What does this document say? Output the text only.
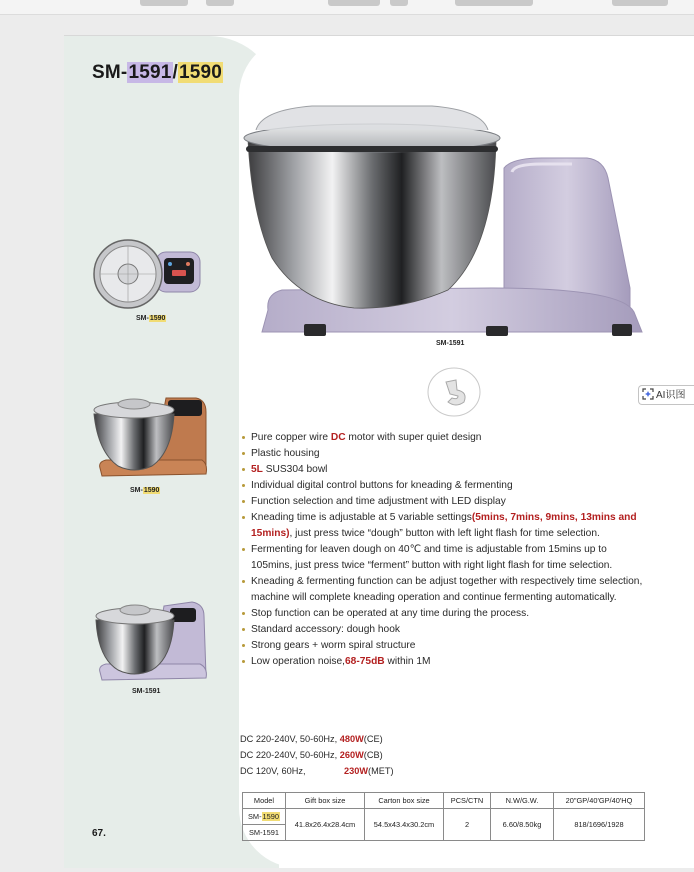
SM-1591/1590
SM-1591
SM-1590
SM-1590
SM-1591
Pure copper wire DC motor with super quiet design
Plastic housing
5L SUS304 bowl
Individual digital control buttons for kneading & fermenting
Function selection and time adjustment with LED display
Kneading time is adjustable at 5 variable settings(5mins, 7mins, 9mins, 13mins and 15mins), just press twice “dough” button with left light flash for time selection.
Fermenting for leaven dough on 40℃ and time is adjustable from 15mins up to 105mins, just press twice “ferment” button with right light flash for time selection.
Kneading & fermenting function can be adjust together with respectively time selection, machine will complete kneading operation and continue fermenting automatically.
Stop function can be operated at any time during the process.
Standard accessory: dough hook
Strong gears + worm spiral structure
Low operation noise,68-75dB within 1M
DC 220-240V, 50-60Hz, 480W(CE)
DC 220-240V, 50-60Hz, 260W(CB)
DC 120V, 60Hz,	230W(MET)
Model	Gift box size	Carton box size	PCS/CTN	N.W/G.W.	20"GP/40'GP/40'HQ
SM-1590	41.8x26.4x28.4cm	54.5x43.4x30.2cm	2	6.60/8.50kg	818/1696/1928
SM-1591					
67.
AI识图
